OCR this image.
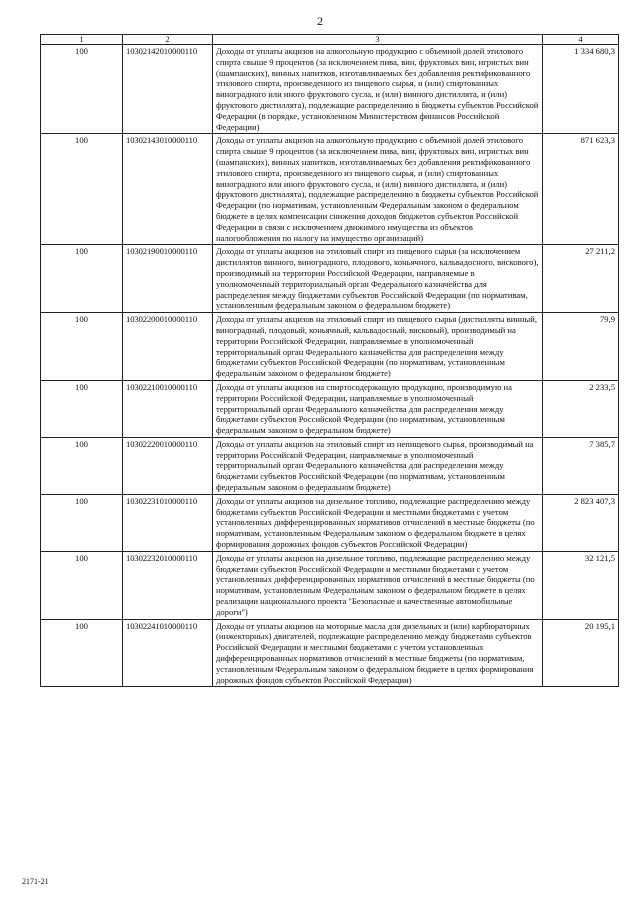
2
1	2	3	4
100	10302142010000110	Доходы от уплаты акцизов на алкогольную продукцию с объемной долей этилового спирта свыше 9 процентов (за исключением пива, вин, фруктовых вин, игристых вин (шампанских), винных напитков, изготавливаемых без добавления ректификованного этилового спирта, произведенного из пищевого сырья, и (или) спиртованных виноградного или иного фруктового сусла, и (или) винного дистиллята, и (или) фруктового дистиллята), подлежащие распределению в бюджеты субъектов Российской Федерации (в порядке, установленном Министерством финансов Российской Федерации)	1 334 680,3
100	10302143010000110	Доходы от уплаты акцизов на алкогольную продукцию с объемной долей этилового спирта свыше 9 процентов (за исключением пива, вин, фруктовых вин, игристых вин (шампанских), винных напитков, изготавливаемых без добавления ректификованного этилового спирта, произведенного из пищевого сырья, и (или) спиртованных виноградного или иного фруктового сусла, и (или) винного дистиллята, и (или) фруктового дистиллята), подлежащие распределению в бюджеты субъектов Российской Федерации (по нормативам, установленным Федеральным законом о федеральном бюджете в целях компенсации снижения доходов бюджетов субъектов Российской Федерации в связи с исключением движимого имущества из объектов налогообложения по налогу на имущество организаций)	871 623,3
100	10302190010000110	Доходы от уплаты акцизов на этиловый спирт из пищевого сырья (за исключением дистиллятов винного, виноградного, плодового, коньячного, кальвадосного, вискового), производимый на территории Российской Федерации, направляемые в уполномоченный территориальный орган Федерального казначейства для распределения между бюджетами субъектов Российской Федерации (по нормативам, установленным федеральным законом о федеральном бюджете)	27 211,2
100	10302200010000110	Доходы от уплаты акцизов на этиловый спирт из пищевого сырья (дистилляты винный, виноградный, плодовый, коньячный, кальвадосный, висковый), производимый на территории Российской Федерации, направляемые в уполномоченный территориальный орган Федерального казначейства для распределения между бюджетами субъектов Российской Федерации (по нормативам, установленным федеральным законом о федеральном бюджете)	79,9
100	10302210010000110	Доходы от уплаты акцизов на спиртосодержащую продукцию, производимую на территории Российской Федерации, направляемые в уполномоченный территориальный орган Федерального казначейства для распределения между бюджетами субъектов Российской Федерации (по нормативам, установленным федеральным законом о федеральном бюджете)	2 233,5
100	10302220010000110	Доходы от уплаты акцизов на этиловый спирт из непищевого сырья, производимый на территории Российской Федерации, направляемые в уполномоченный территориальный орган Федерального казначейства для распределения между бюджетами субъектов Российской Федерации (по нормативам, установленным федеральным законом о федеральном бюджете)	7 385,7
100	10302231010000110	Доходы от уплаты акцизов на дизельное топливо, подлежащие распределению между бюджетами субъектов Российской Федерации и местными бюджетами с учетом установленных дифференцированных нормативов отчислений в местные бюджеты (по нормативам, установленным Федеральным законом о федеральном бюджете в целях формирования дорожных фондов субъектов Российской Федерации)	2 823 407,3
100	10302232010000110	Доходы от уплаты акцизов на дизельное топливо, подлежащие распределению между бюджетами субъектов Российской Федерации и местными бюджетами с учетом установленных дифференцированных нормативов отчислений в местные бюджеты (по нормативам, установленным Федеральным законом о федеральном бюджете в целях реализации национального проекта "Безопасные и качественные автомобильные дороги")	32 121,5
100	10302241010000110	Доходы от уплаты акцизов на моторные масла для дизельных и (или) карбюраторных (инжекторных) двигателей, подлежащие распределению между бюджетами субъектов Российской Федерации и местными бюджетами с учетом установленных дифференцированных нормативов отчислений в местные бюджеты (по нормативам, установленным Федеральным законом о федеральном бюджете в целях формирования дорожных фондов субъектов Российской Федерации)	20 195,1
2171-21
